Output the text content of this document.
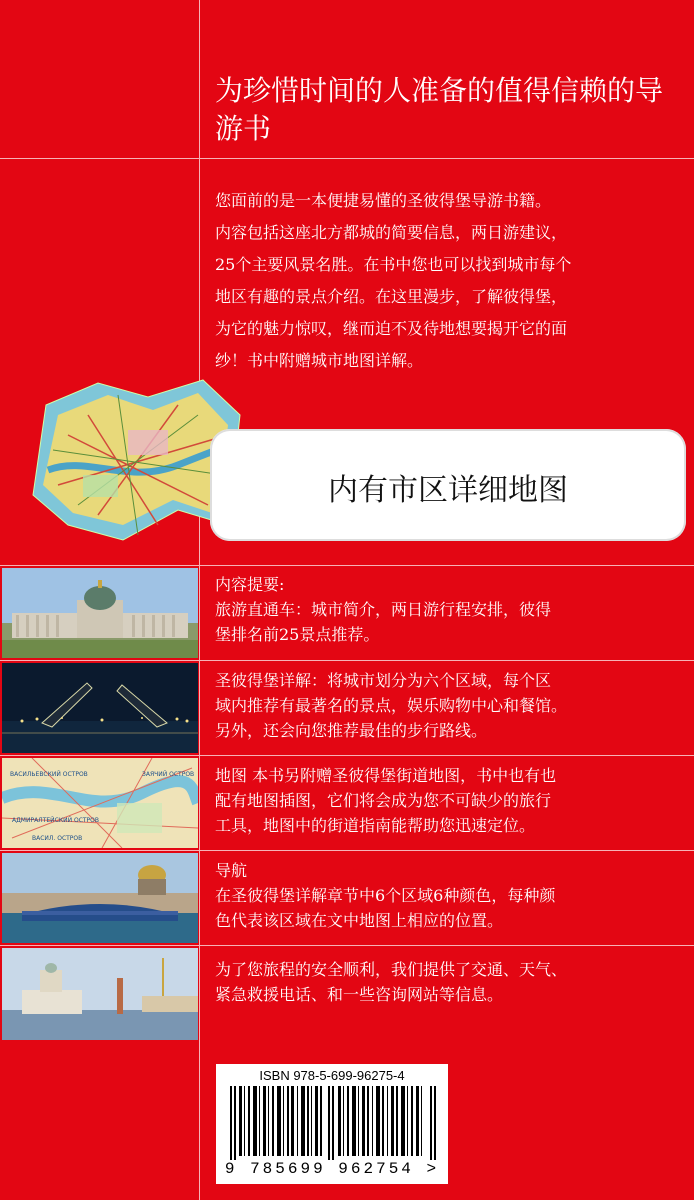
为珍惜时间的人准备的值得信赖的导游书

您面前的是一本便捷易懂的圣彼得堡导游书籍。

内容包括这座北方都城的简要信息，两日游建议，

25个主要风景名胜。在书中您也可以找到城市每个

地区有趣的景点介绍。在这里漫步，了解彼得堡，

为它的魅力惊叹，继而迫不及待地想要揭开它的面

纱！书中附赠城市地图详解。

内有市区详细地图
ВАСИЛЬЕВСКИЙ ОСТРОВ
АДМИРАЛТЕЙСКИЙ ОСТРОВ
ВАСИЛ. ОСТРОВ
ЗАЯЧИЙ ОСТРОВ
内容提要:
旅游直通车：城市简介，两日游行程安排，彼得
堡排名前25景点推荐。
圣彼得堡详解：将城市划分为六个区域，每个区
域内推荐有最著名的景点，娱乐购物中心和餐馆。
另外，还会向您推荐最佳的步行路线。
地图 本书另附赠圣彼得堡街道地图，书中也有也
配有地图插图，它们将会成为您不可缺少的旅行
工具，地图中的街道指南能帮助您迅速定位。
导航
在圣彼得堡详解章节中6个区域6种颜色，每种颜
色代表该区域在文中地图上相应的位置。
为了您旅程的安全顺利，我们提供了交通、天气、
紧急救援电话、和一些咨询网站等信息。
ISBN 978-5-699-96275-4
9 785699 962754 >
